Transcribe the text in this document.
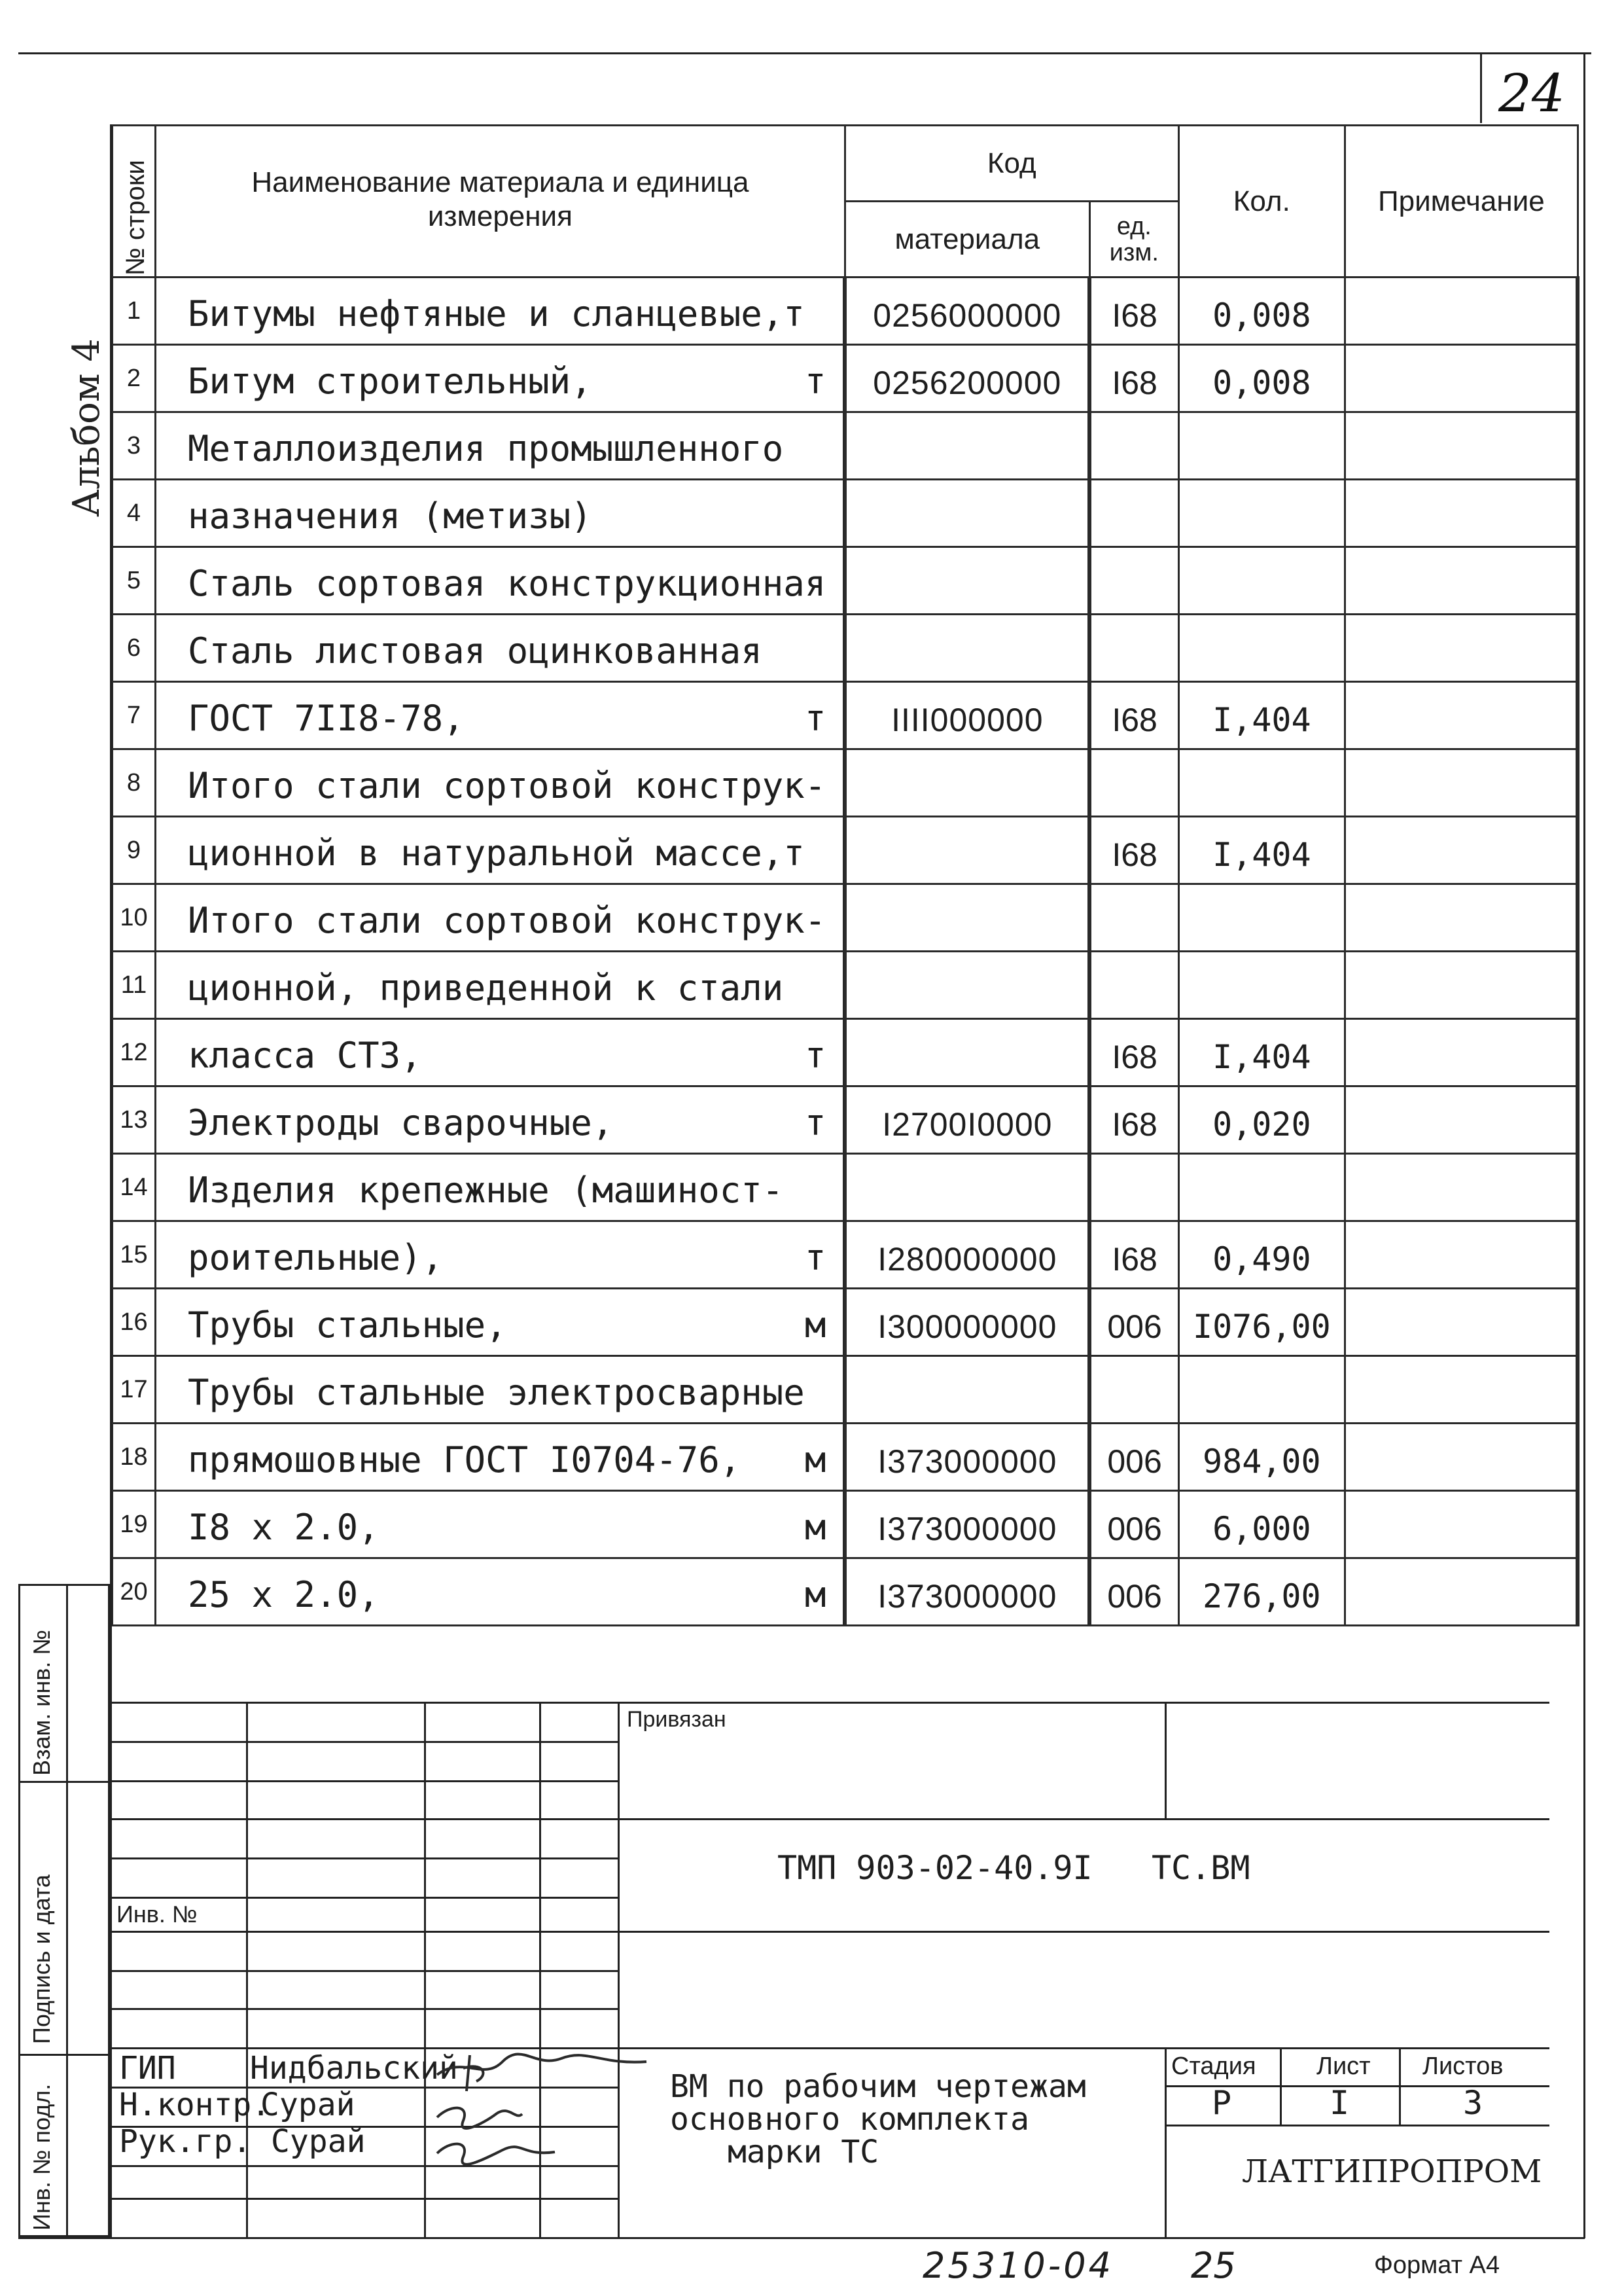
24
Альбом 4
№ строки	Наименование материала и единица измерения	Код		Кол.	Примечание
		материала	ед. изм.		
1	Битумы нефтяные и сланцевые,т	0256000000	I68	0,008	
2	Битум строительный, т	0256200000	I68	0,008	
3	Металлоизделия промышленного				

4	назначения (метизы)				

5	Сталь сортовая конструкционная				

6	Сталь листовая оцинкованная				

7	ГОСТ 7II8-78, т	IIII000000	I68	I,404	
8	Итого стали сортовой конструк-				

9	ционной в натуральной массе,т		I68	I,404	
10	Итого стали сортовой конструк-				

11	ционной, приведенной к стали				

12	класса СТ3, т		I68	I,404	
13	Электроды сварочные, т	I2700I0000	I68	0,020	
14	Изделия крепежные (машиност-				

15	роительные), т	I280000000	I68	0,490	
16	Трубы стальные, м	I300000000	006	I076,00	
17	Трубы стальные электросварные				

18	прямошовные ГОСТ I0704-76, м	I373000000	006	984,00	
19	I8 x 2.0, м	I373000000	006	6,000	
20	25 x 2.0, м	I373000000	006	276,00	
Взам. инв. №
Подпись и дата
Инв. № подл.
Привязан
Инв. №
ТМП 903-02-40.9I   ТС.ВМ
ГИП Нидбальский
Н.контр.
Сурай
Рук.гр. Сурай
ВМ по рабочим чертежам
основного комплекта
марки ТС
Стадия Лист Листов
Р	I	3
ЛАТГИПРОПРОМ
25310-04 25	Формат А4
